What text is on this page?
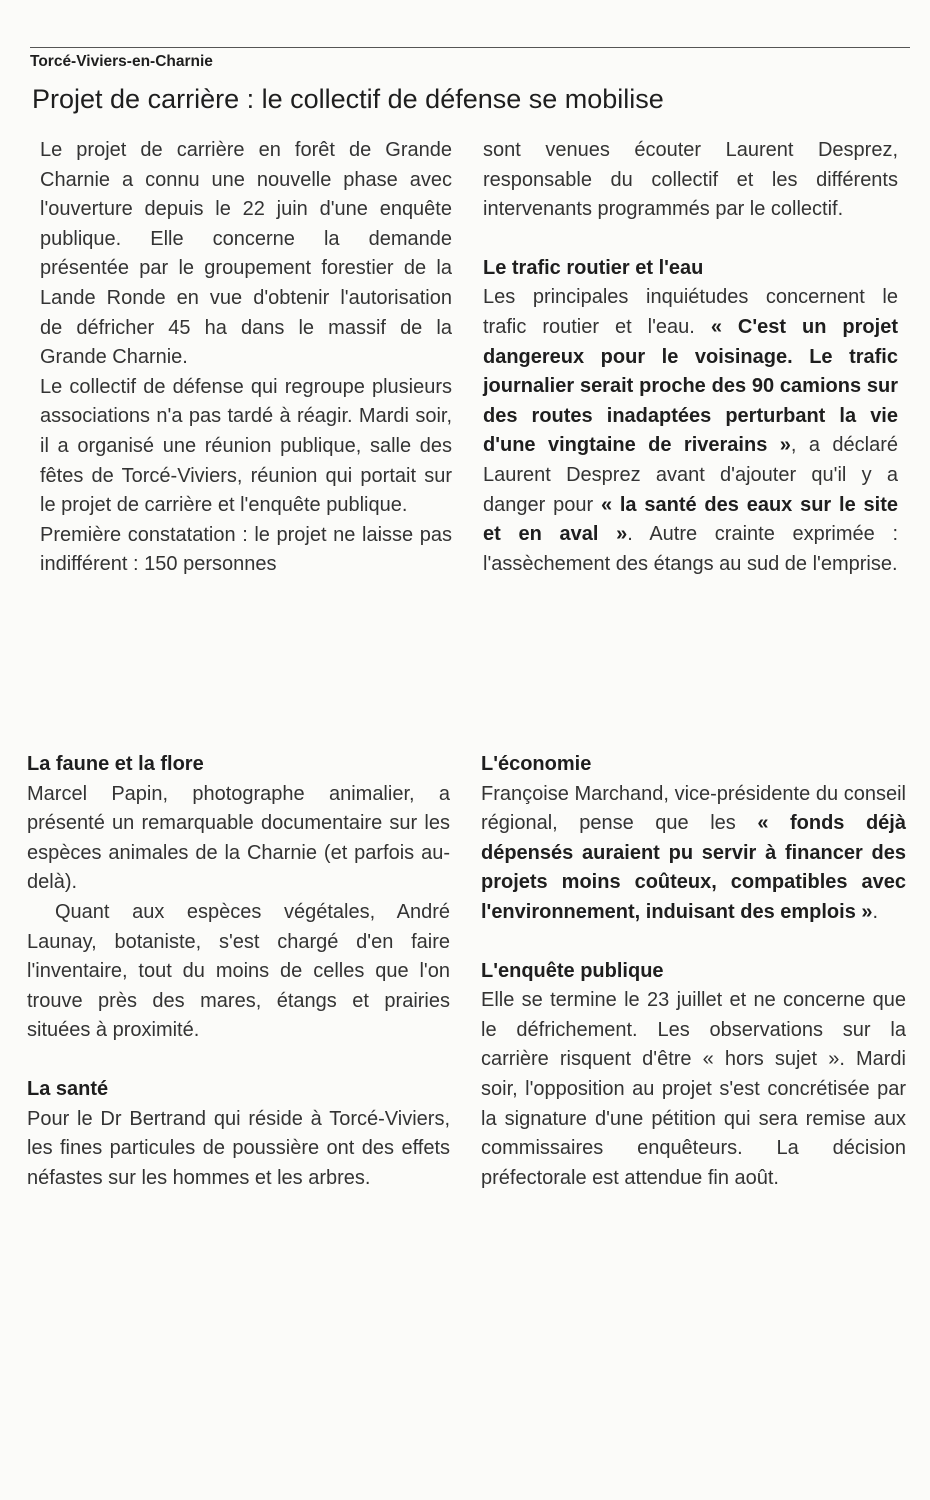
Torcé-Viviers-en-Charnie
Projet de carrière : le collectif de défense se mobilise

Le projet de carrière en forêt de Grande Charnie a connu une nouvelle phase avec l'ouverture depuis le 22 juin d'une enquête publique. Elle concerne la demande présentée par le groupement forestier de la Lande Ronde en vue d'obtenir l'autorisation de défricher 45 ha dans le massif de la Grande Charnie.

Le collectif de défense qui regroupe plusieurs associations n'a pas tardé à réagir. Mardi soir, il a organisé une réunion publique, salle des fêtes de Torcé-Viviers, réunion qui portait sur le projet de carrière et l'enquête publique.

Première constatation : le projet ne laisse pas indifférent : 150 personnes

sont venues écouter Laurent Desprez, responsable du collectif et les différents intervenants programmés par le collectif.

Le trafic routier et l'eau

Les principales inquiétudes concernent le trafic routier et l'eau. « C'est un projet dangereux pour le voisinage. Le trafic journalier serait proche des 90 camions sur des routes inadaptées perturbant la vie d'une vingtaine de riverains », a déclaré Laurent Desprez avant d'ajouter qu'il y a danger pour « la santé des eaux sur le site et en aval ». Autre crainte exprimée : l'assèchement des étangs au sud de l'emprise.

La faune et la flore

Marcel Papin, photographe animalier, a présenté un remarquable documentaire sur les espèces animales de la Charnie (et parfois au-delà).

Quant aux espèces végétales, André Launay, botaniste, s'est chargé d'en faire l'inventaire, tout du moins de celles que l'on trouve près des mares, étangs et prairies situées à proximité.

La santé

Pour le Dr Bertrand qui réside à Torcé-Viviers, les fines particules de poussière ont des effets néfastes sur les hommes et les arbres.

L'économie

Françoise Marchand, vice-présidente du conseil régional, pense que les « fonds déjà dépensés auraient pu servir à financer des projets moins coûteux, compatibles avec l'environnement, induisant des emplois ».

L'enquête publique

Elle se termine le 23 juillet et ne concerne que le défrichement. Les observations sur la carrière risquent d'être « hors sujet ». Mardi soir, l'opposition au projet s'est concrétisée par la signature d'une pétition qui sera remise aux commissaires enquêteurs. La décision préfectorale est attendue fin août.
